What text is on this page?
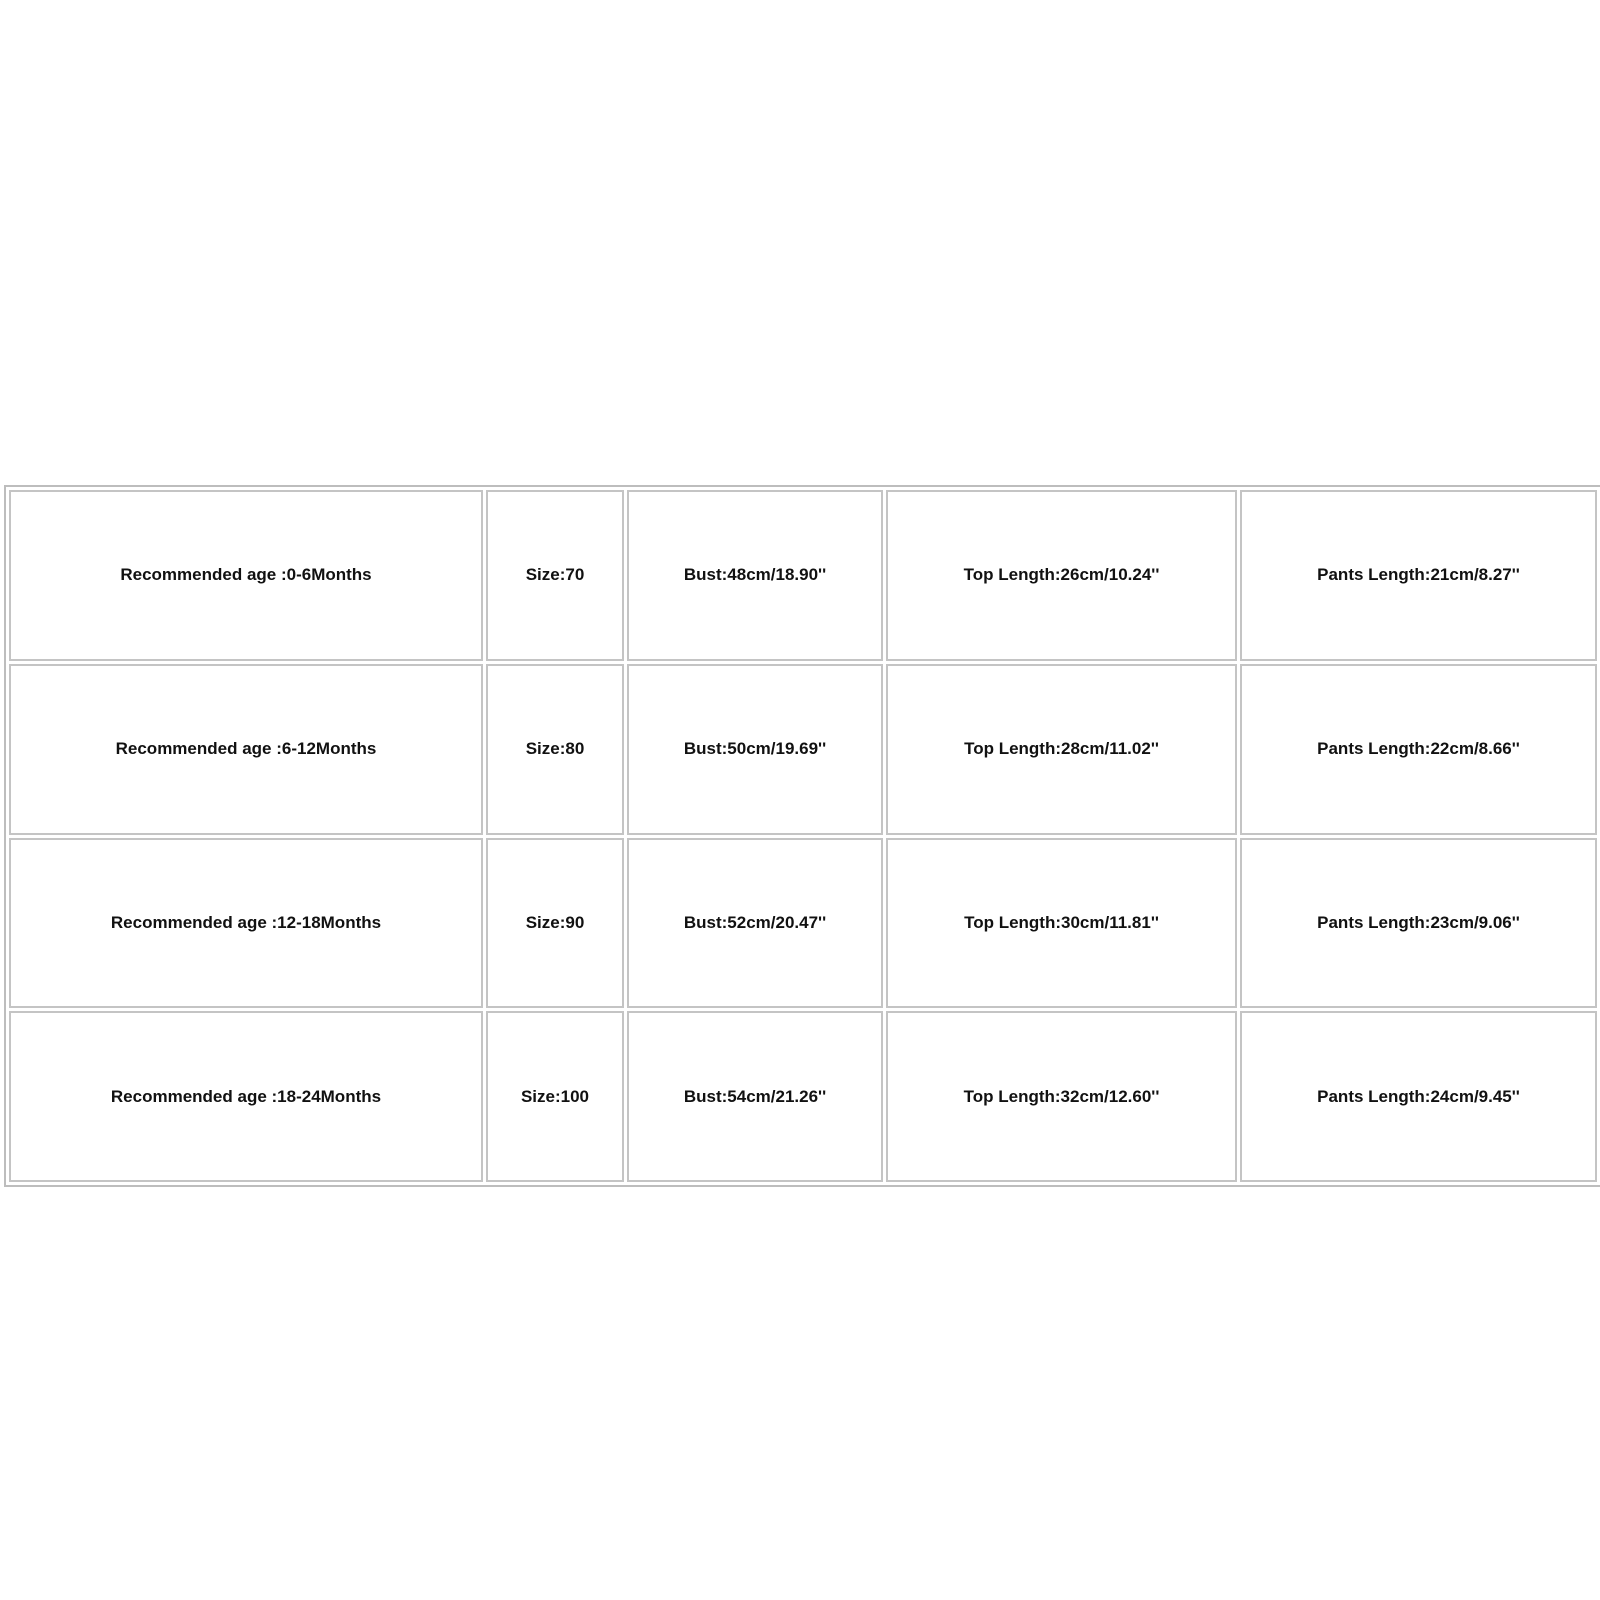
Recommended age :0-6Months	Size:70	Bust:48cm/18.90''	Top Length:26cm/10.24''	Pants Length:21cm/8.27''
Recommended age :6-12Months	Size:80	Bust:50cm/19.69''	Top Length:28cm/11.02''	Pants Length:22cm/8.66''
Recommended age :12-18Months	Size:90	Bust:52cm/20.47''	Top Length:30cm/11.81''	Pants Length:23cm/9.06''
Recommended age :18-24Months	Size:100	Bust:54cm/21.26''	Top Length:32cm/12.60''	Pants Length:24cm/9.45''
